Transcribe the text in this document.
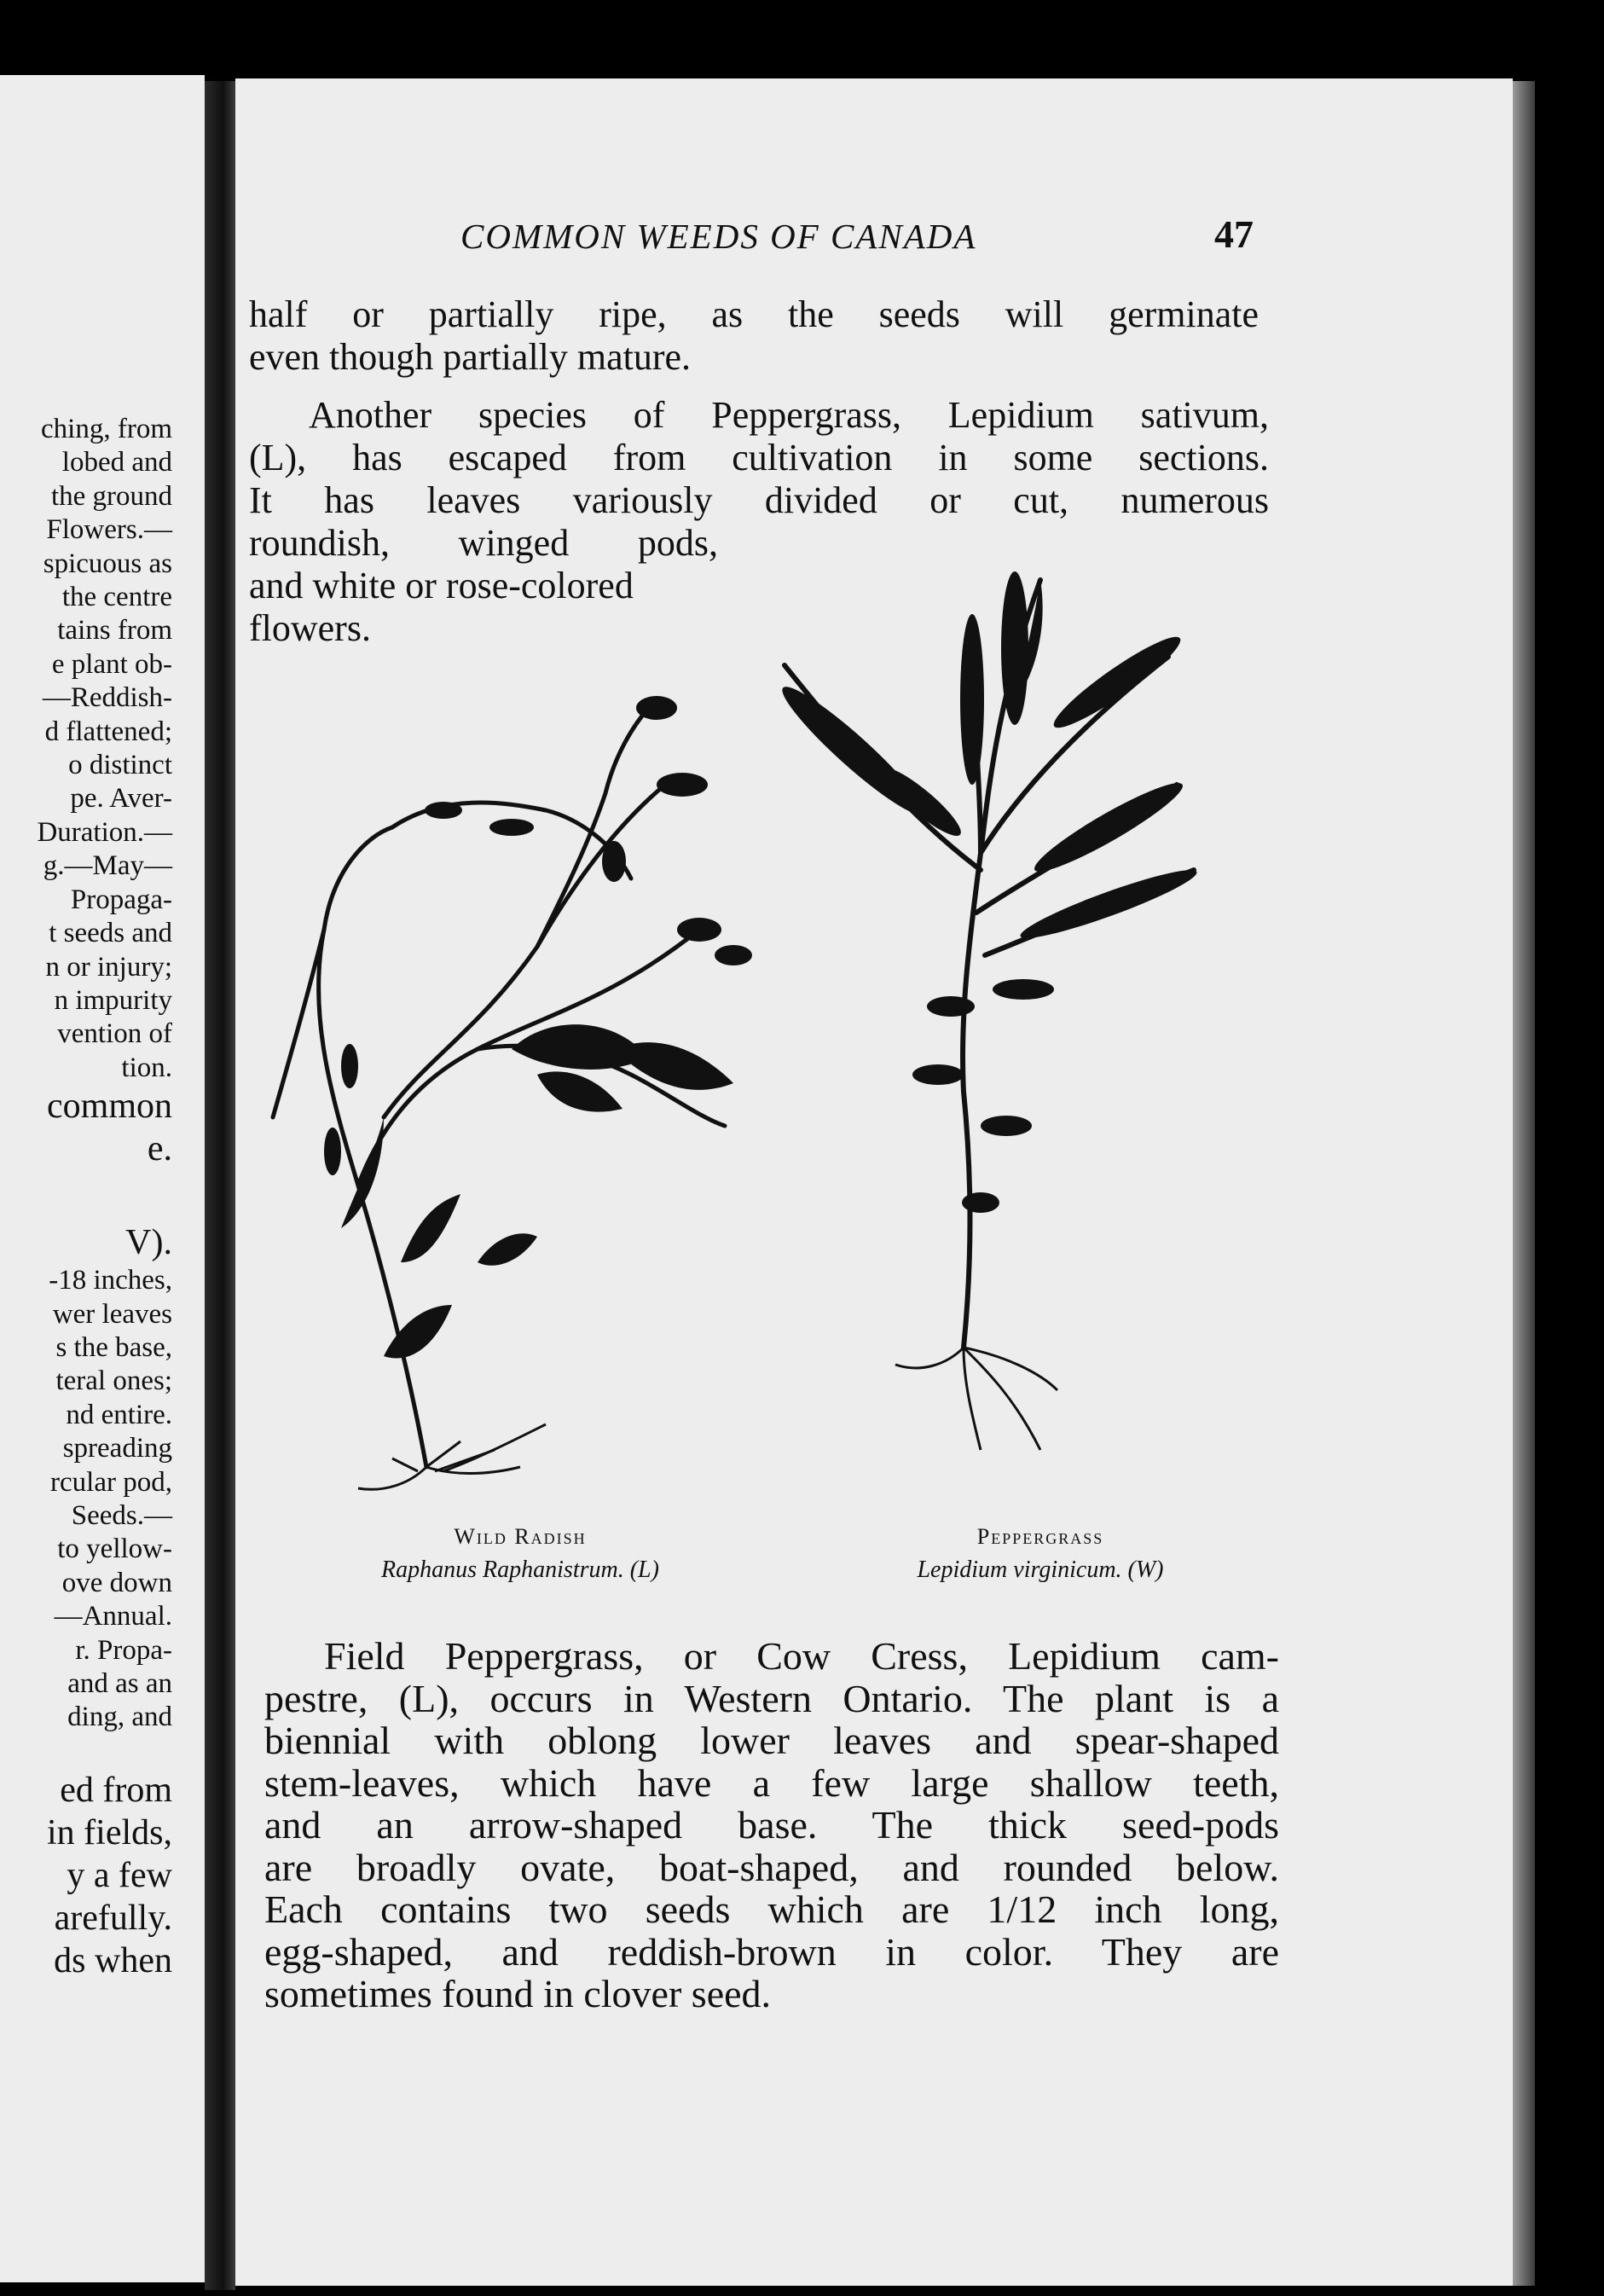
ching, from
lobed and
the ground
Flowers.—
spicuous as
the centre
tains from
e plant ob-
—Reddish-
d flattened;
o distinct
pe. Aver-
Duration.—
g.—May—
Propaga-
t seeds and
n or injury;
n impurity
vention of
tion.
common
e.
V).
-18 inches,
wer leaves
s the base,
teral ones;
nd entire.
spreading
rcular pod,
Seeds.—
to yellow-
ove down
—Annual.
r. Propa-
and as an
ding, and
ed from
in fields,
y a few
arefully.
ds when
COMMON WEEDS OF CANADA	47
half or partially ripe, as the seeds will germinate
even though partially mature.
Another species of Peppergrass, Lepidium sativum,
(L), has escaped from cultivation in some sections.
It has leaves variously divided or cut, numerous
roundish, winged pods,
and white or rose-colored
flowers.
Wild Radish
Raphanus Raphanistrum. (L)
Peppergrass
Lepidium virginicum. (W)
Field Peppergrass, or Cow Cress, Lepidium cam-
pestre, (L), occurs in Western Ontario. The plant is a
biennial with oblong lower leaves and spear-shaped
stem-leaves, which have a few large shallow teeth,
and an arrow-shaped base. The thick seed-pods
are broadly ovate, boat-shaped, and rounded below.
Each contains two seeds which are 1/12 inch long,
egg-shaped, and reddish-brown in color. They are
sometimes found in clover seed.
